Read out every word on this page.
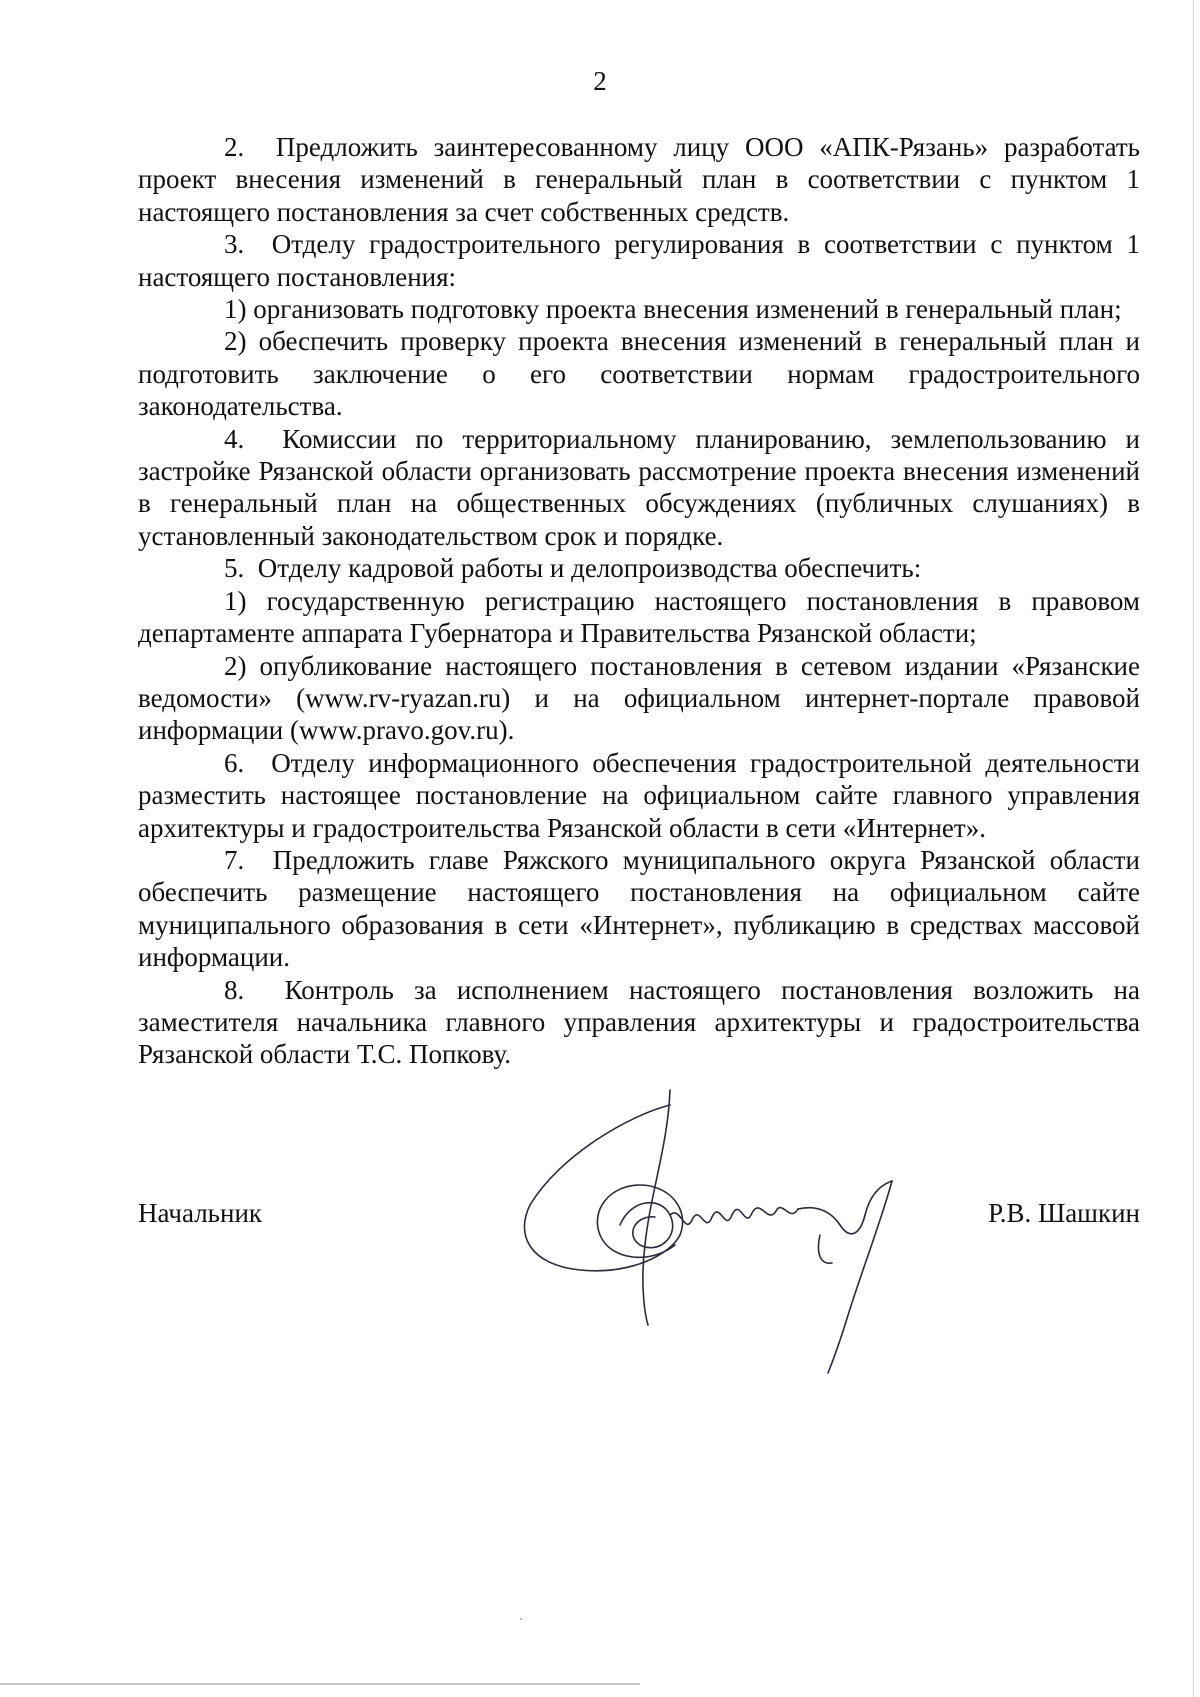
2

2.  Предложить заинтересованному лицу ООО «АПК-Рязань» разработать проект внесения изменений в генеральный план в соответствии с пунктом 1 настоящего постановления за счет собственных средств.

3.  Отделу градостроительного регулирования в соответствии с пунктом 1 настоящего постановления:

1) организовать подготовку проекта внесения изменений в генеральный план;

2) обеспечить проверку проекта внесения изменений в генеральный план и подготовить заключение о его соответствии нормам градостроительного законодательства.

4.  Комиссии по территориальному планированию, землепользованию и застройке Рязанской области организовать рассмотрение проекта внесения изменений в генеральный план на общественных обсуждениях (публичных слушаниях) в установленный законодательством срок и порядке.

5.  Отделу кадровой работы и делопроизводства обеспечить:

1) государственную регистрацию настоящего постановления в правовом департаменте аппарата Губернатора и Правительства Рязанской области;

2) опубликование настоящего постановления в сетевом издании «Рязанские ведомости» (www.rv-ryazan.ru) и на официальном интернет-портале правовой информации (www.pravo.gov.ru).

6.  Отделу информационного обеспечения градостроительной деятельности разместить настоящее постановление на официальном сайте главного управления архитектуры и градостроительства Рязанской области в сети «Интернет».

7.  Предложить главе Ряжского муниципального округа Рязанской области обеспечить размещение настоящего постановления на официальном сайте муниципального образования в сети «Интернет», публикацию в средствах массовой информации.

8.  Контроль за исполнением настоящего постановления возложить на заместителя начальника главного управления архитектуры и градостроительства Рязанской области Т.С. Попкову.

Начальник	Р.В. Шашкин
